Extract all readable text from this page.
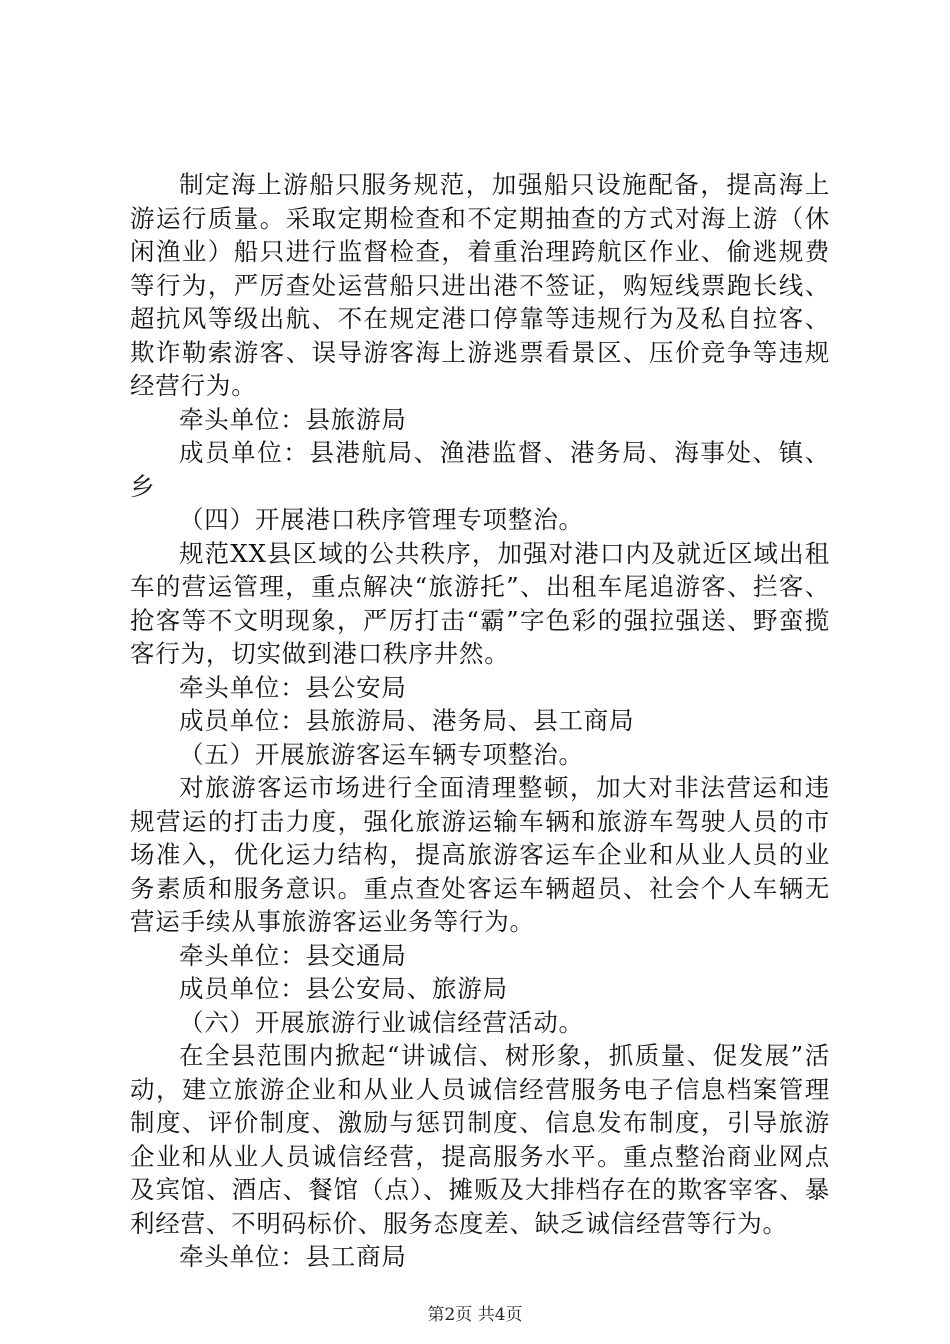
制定海上游船只服务规范，加强船只设施配备，提高海上游运行质量。采取定期检查和不定期抽查的方式对海上游（休闲渔业）船只进行监督检查，着重治理跨航区作业、偷逃规费等行为，严厉查处运营船只进出港不签证，购短线票跑长线、超抗风等级出航、不在规定港口停靠等违规行为及私自拉客、欺诈勒索游客、误导游客海上游逃票看景区、压价竞争等违规经营行为。

牵头单位：县旅游局

成员单位：县港航局、渔港监督、港务局、海事处、镇、乡

（四）开展港口秩序管理专项整治。

规范XX县区域的公共秩序，加强对港口内及就近区域出租车的营运管理，重点解决“旅游托”、出租车尾追游客、拦客、抢客等不文明现象，严厉打击“霸”字色彩的强拉强送、野蛮揽客行为，切实做到港口秩序井然。

牵头单位：县公安局

成员单位：县旅游局、港务局、县工商局

（五）开展旅游客运车辆专项整治。

对旅游客运市场进行全面清理整顿，加大对非法营运和违规营运的打击力度，强化旅游运输车辆和旅游车驾驶人员的市场准入，优化运力结构，提高旅游客运车企业和从业人员的业务素质和服务意识。重点查处客运车辆超员、社会个人车辆无营运手续从事旅游客运业务等行为。

牵头单位：县交通局

成员单位：县公安局、旅游局

（六）开展旅游行业诚信经营活动。

在全县范围内掀起“讲诚信、树形象，抓质量、促发展”活动，建立旅游企业和从业人员诚信经营服务电子信息档案管理制度、评价制度、激励与惩罚制度、信息发布制度，引导旅游企业和从业人员诚信经营，提高服务水平。重点整治商业网点及宾馆、酒店、餐馆（点）、摊贩及大排档存在的欺客宰客、暴利经营、不明码标价、服务态度差、缺乏诚信经营等行为。

牵头单位：县工商局

第2页 共4页
